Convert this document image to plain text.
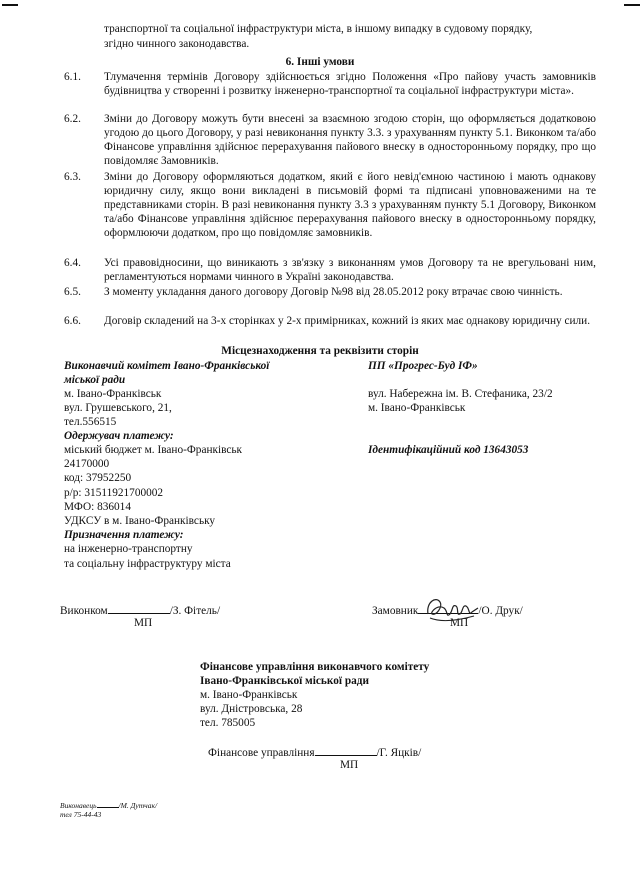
транспортної та соціальної інфраструктури міста, в іншому випадку в судовому порядку,
згідно чинного законодавства.
6. Інші умови
6.1. Тлумачення термінів Договору здійснюється згідно Положення «Про пайову участь замовників будівництва у створенні і розвитку інженерно-транспортної та соціальної інфраструктури міста».
6.2. Зміни до Договору можуть бути внесені за взаємною згодою сторін, що оформляється додатковою угодою до цього Договору, у разі невиконання пункту 3.3. з урахуванням пункту 5.1. Виконком та/або Фінансове управління здійснює перерахування пайового внеску в односторонньому порядку, про що повідомляє Замовників.
6.3. Зміни до Договору оформляються додатком, який є його невід'ємною частиною і мають однакову юридичну силу, якщо вони викладені в письмовій формі та підписані уповноваженими на те представниками сторін. В разі невиконання пункту 3.3 з урахуванням пункту 5.1 Договору, Виконком та/або Фінансове управління здійснює перерахування пайового внеску в односторонньому порядку, оформлюючи додатком, про що повідомляє замовників.
6.4. Усі правовідносини, що виникають з зв'язку з виконанням умов Договору та не врегульовані ним, регламентуються нормами чинного в Україні законодавства.
6.5. З моменту укладання даного договору Договір №98 від 28.05.2012 року втрачає свою чинність.
6.6. Договір складений на 3-х сторінках у 2-х примірниках, кожний із яких має однакову юридичну сили.
Місцезнаходження та реквізити сторін
Виконавчий комітет Івано-Франківської
міської ради
м. Івано-Франківськ
вул. Грушевського, 21,
тел.556515
Одержувач платежу:
міський бюджет м. Івано-Франківськ
24170000
код: 37952250
р/р: 31511921700002
МФО: 836014
УДКСУ в м. Івано-Франківську
Призначення платежу:
на інженерно-транспортну
та соціальну інфраструктуру міста
ПП «Прогрес-Буд ІФ»
вул. Набережна ім. В. Стефаника, 23/2
м. Івано-Франківськ
Ідентифікаційний код 13643053
Виконком	/З. Фітель/
МП
Замовник	/О. Друк/
МП
Фінансове управління виконавчого комітету
Івано-Франківської міської ради
м. Івано-Франківськ
вул. Дністровська, 28
тел. 785005
Фінансове управління	/Г. Яцків/
МП
Виконавець	/М. Дутчак/
тел 75-44-43
